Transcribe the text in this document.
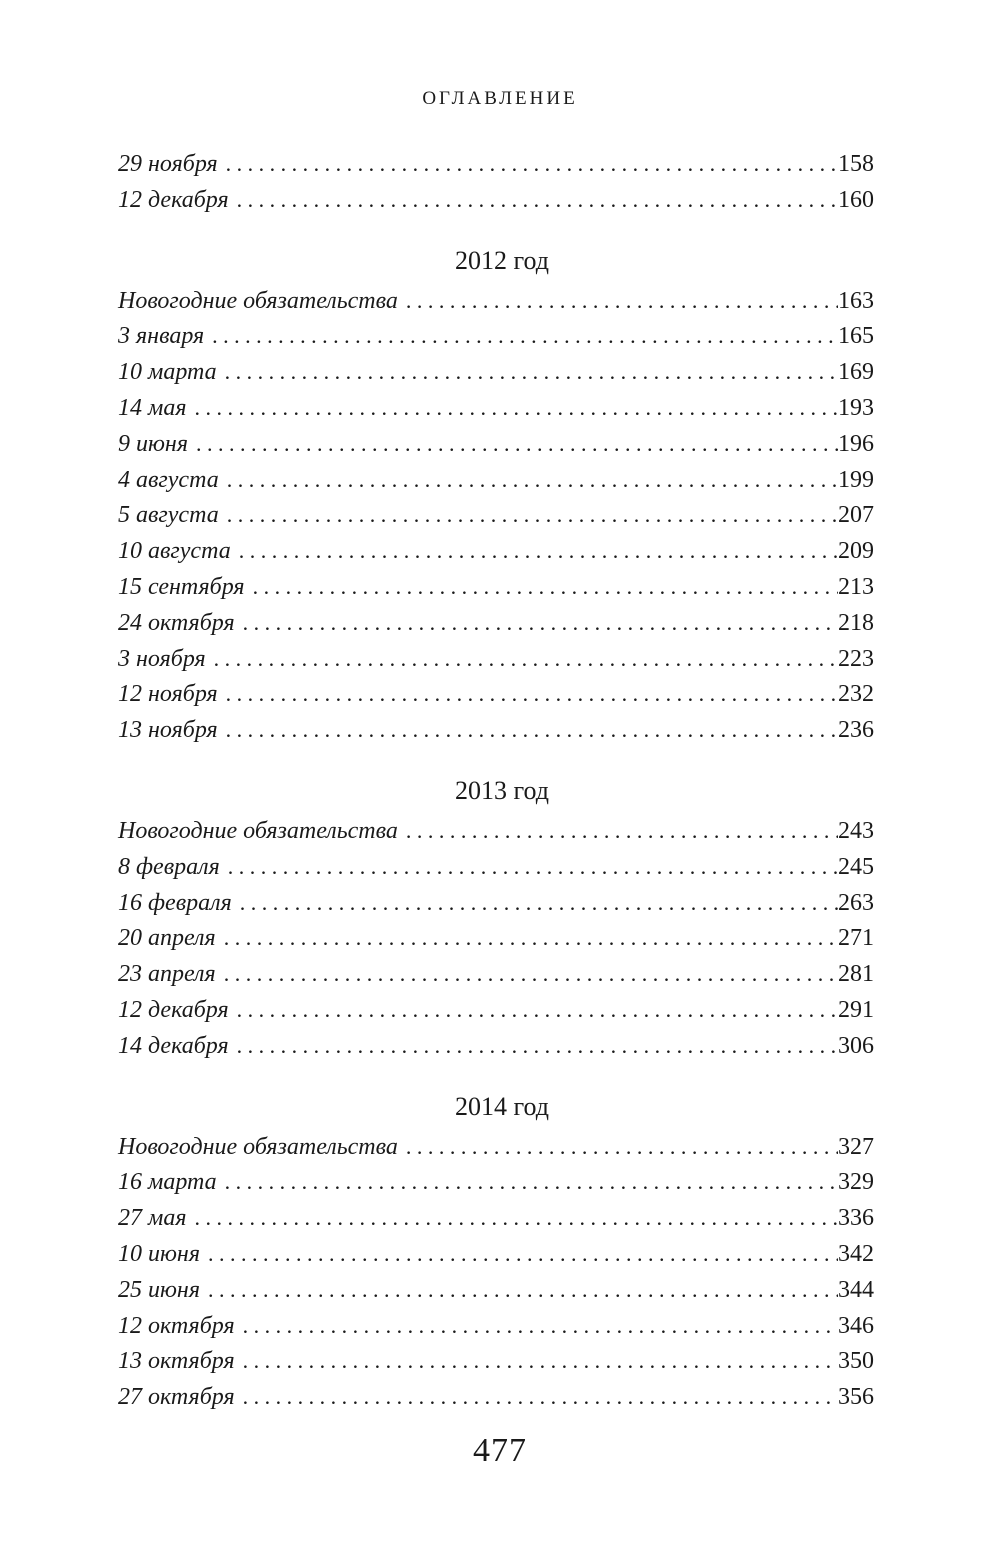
ОГЛАВЛЕНИЕ
29 ноября . . .	158
12 декабря . . .	160
2012 год
Новогодние обязательства . . .	163
3 января . . .	165
10 марта . . .	169
14 мая . . .	193
9 июня . . .	196
4 августа . . .	199
5 августа . . .	207
10 августа . . .	209
15 сентября . . .	213
24 октября . . .	218
3 ноября . . .	223
12 ноября . . .	232
13 ноября . . .	236
2013 год
Новогодние обязательства . . .	243
8 февраля . . .	245
16 февраля . . .	263
20 апреля . . .	271
23 апреля . . .	281
12 декабря . . .	291
14 декабря . . .	306
2014 год
Новогодние обязательства . . .	327
16 марта . . .	329
27 мая . . .	336
10 июня . . .	342
25 июня . . .	344
12 октября . . .	346
13 октября . . .	350
27 октября . . .	356
477
